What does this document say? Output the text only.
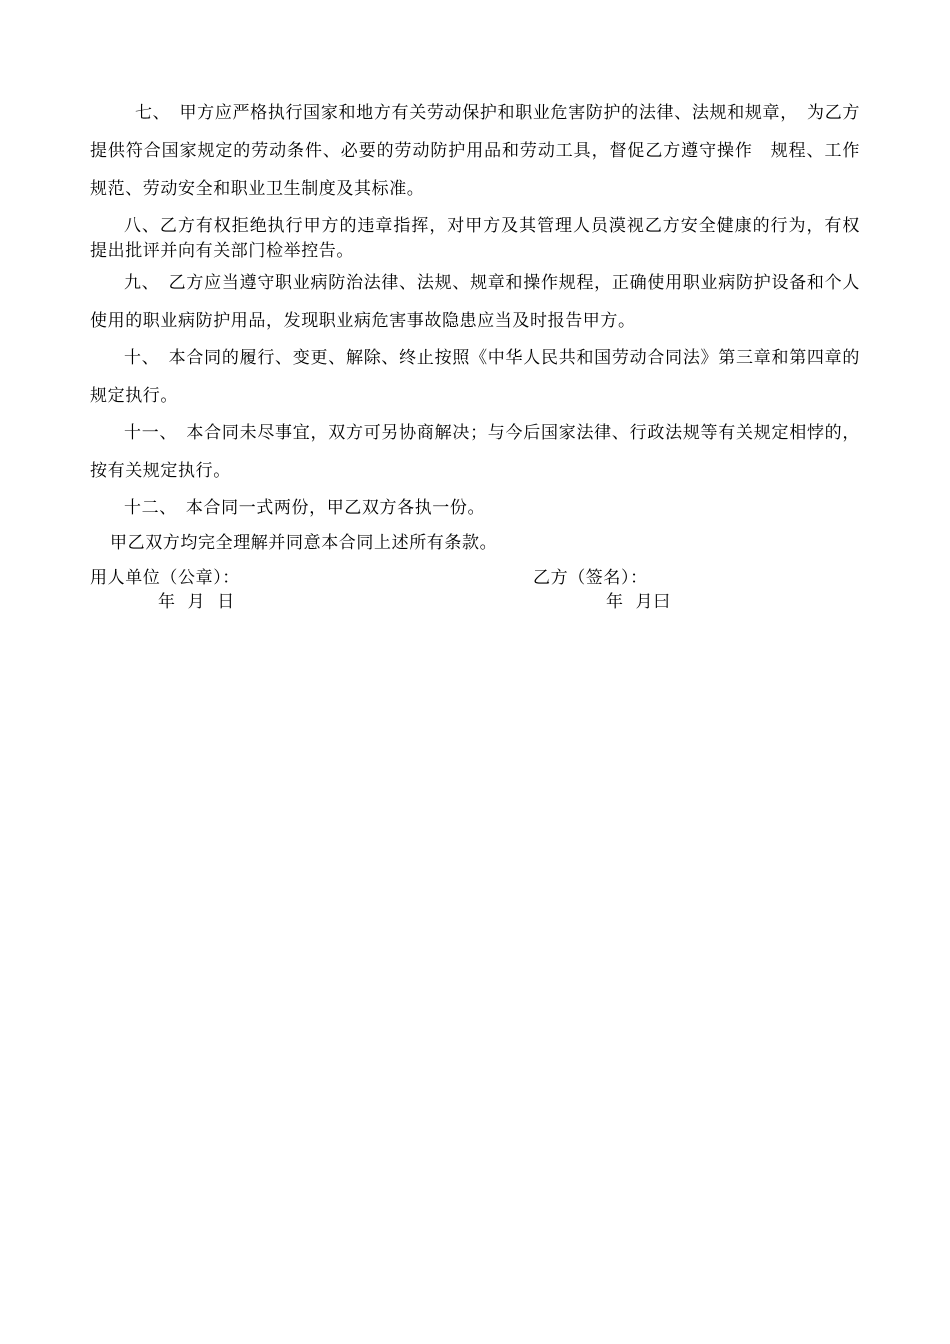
七、　甲方应严格执行国家和地方有关劳动保护和职业危害防护的法律、法规和规章，　为乙方提供符合国家规定的劳动条件、必要的劳动防护用品和劳动工具，督促乙方遵守操作　规程、工作规范、劳动安全和职业卫生制度及其标准。
八、乙方有权拒绝执行甲方的违章指挥，对甲方及其管理人员漠视乙方安全健康的行为，有权提出批评并向有关部门检举控告。
九、　乙方应当遵守职业病防治法律、法规、规章和操作规程，正确使用职业病防护设备和个人使用的职业病防护用品，发现职业病危害事故隐患应当及时报告甲方。
十、　本合同的履行、变更、解除、终止按照《中华人民共和国劳动合同法》第三章和第四章的规定执行。
十一、　本合同未尽事宜，双方可另协商解决；与今后国家法律、行政法规等有关规定相悖的，按有关规定执行。
十二、　本合同一式两份，甲乙双方各执一份。
甲乙双方均完全理解并同意本合同上述所有条款。
用人单位（公章）：	乙方（签名）：
年 月 日	年 月曰
